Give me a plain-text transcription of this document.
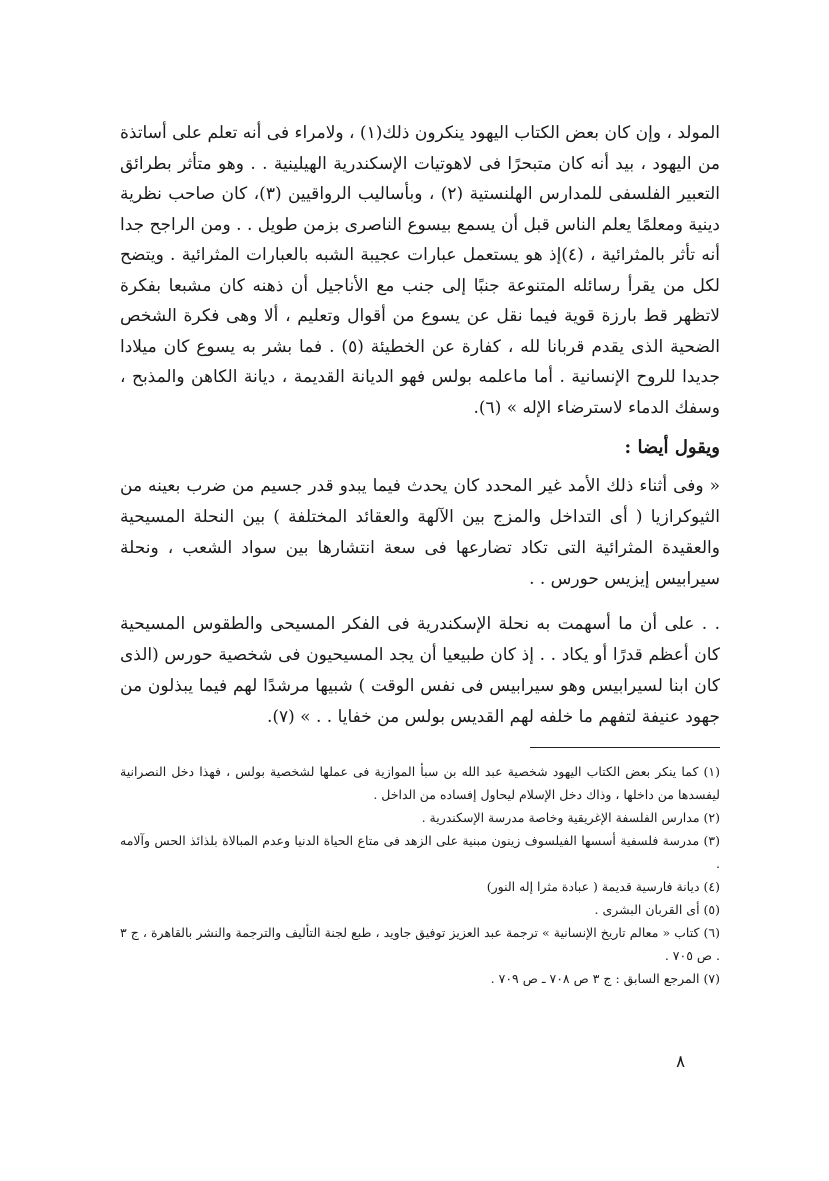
المولد ، وإن كان بعض الكتاب اليهود ينكرون ذلك(١) ، ولامراء فى أنه تعلم على أساتذة من اليهود ، بيد أنه كان متبحرًا فى لاهوتيات الإسكندرية الهيلينية . . وهو متأثر بطرائق التعبير الفلسفى للمدارس الهلنستية (٢) ، وبأساليب الرواقيين (٣)، كان صاحب نظرية دينية ومعلمًا يعلم الناس قبل أن يسمع بيسوع الناصرى بزمن طويل . . ومن الراجح جدا أنه تأثر بالمثرائية ، (٤)إذ هو يستعمل عبارات عجيبة الشبه بالعبارات المثرائية . ويتضح لكل من يقرأ رسائله المتنوعة جنبًا إلى جنب مع الأناجيل أن ذهنه كان مشبعا بفكرة لاتظهر قط بارزة قوية فيما نقل عن يسوع من أقوال وتعليم ، ألا وهى فكرة الشخص الضحية الذى يقدم قربانا لله ، كفارة عن الخطيئة (٥) . فما بشر به يسوع كان ميلادا جديدا للروح الإنسانية . أما ماعلمه بولس فهو الديانة القديمة ، ديانة الكاهن والمذبح ، وسفك الدماء لاسترضاء الإله » (٦).

ويقول أيضا :

« وفى أثناء ذلك الأمد غير المحدد كان يحدث فيما يبدو قدر جسيم من ضرب بعينه من الثيوكرازيا ( أى التداخل والمزج بين الآلهة والعقائد المختلفة ) بين النحلة المسيحية والعقيدة المثرائية التى تكاد تضارعها فى سعة انتشارها بين سواد الشعب ، ونحلة سيرابيس إيزيس حورس . .

. . على أن ما أسهمت به نحلة الإسكندرية فى الفكر المسيحى والطقوس المسيحية كان أعظم قدرًا أو يكاد . . إذ كان طبيعيا أن يجد المسيحيون فى شخصية حورس (الذى كان ابنا لسيرابيس وهو سيرابيس فى نفس الوقت ) شبيها مرشدًا لهم فيما يبذلون من جهود عنيفة لتفهم ما خلفه لهم القديس بولس من خفايا . . » (٧).

(١) كما ينكر بعض الكتاب اليهود شخصية عبد الله بن سبأ الموازية فى عملها لشخصية بولس ، فهذا دخل النصرانية ليفسدها من داخلها ، وذاك دخل الإسلام ليحاول إفساده من الداخل .

(٢) مدارس الفلسفة الإغريقية وخاصة مدرسة الإسكندرية .

(٣) مدرسة فلسفية أسسها الفيلسوف زينون مبنية على الزهد فى متاع الحياة الدنيا وعدم المبالاة بلذائذ الحس وآلامه .

(٤) ديانة فارسية قديمة ( عبادة مثرا إله النور)

(٥) أى القربان البشرى .

(٦) كتاب « معالم تاريخ الإنسانية » ترجمة عبد العزيز توفيق جاويد ، طبع لجنة التأليف والترجمة والنشر بالقاهرة ، ج ٣ . ص ٧٠٥ .

(٧) المرجع السابق : ج ٣ ص ٧٠٨ ـ ص ٧٠٩ .

٨
